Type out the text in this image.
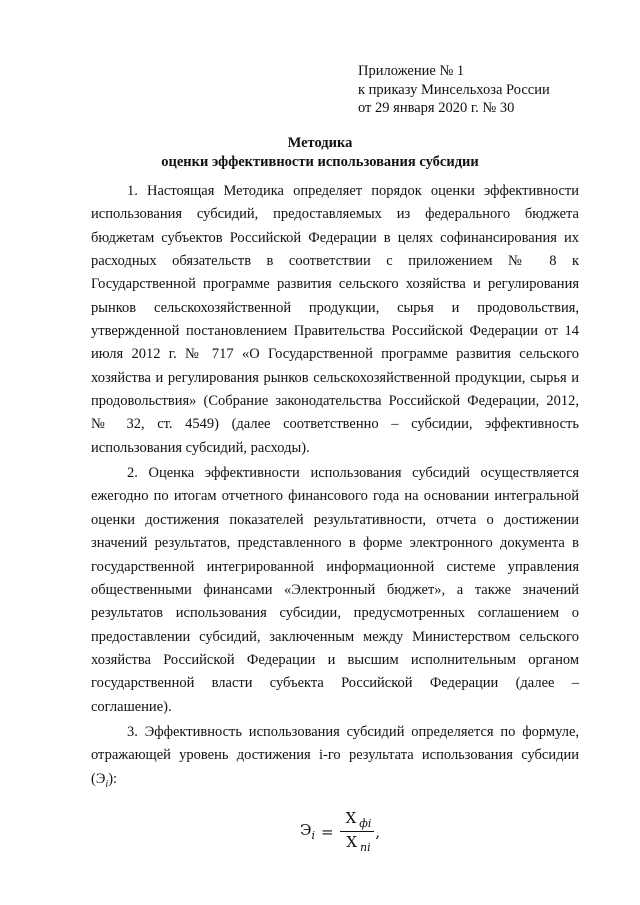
Приложение № 1
к приказу Минсельхоза России
от 29 января 2020 г. № 30
Методика
оценки эффективности использования субсидии

1. Настоящая Методика определяет порядок оценки эффективности использования субсидий, предоставляемых из федерального бюджета бюджетам субъектов Российской Федерации в целях софинансирования их расходных обязательств в соответствии с приложением № 8 к Государственной программе развития сельского хозяйства и регулирования рынков сельскохозяйственной продукции, сырья и продовольствия, утвержденной постановлением Правительства Российской Федерации от 14 июля 2012 г. № 717 «О Государственной программе развития сельского хозяйства и регулирования рынков сельскохозяйственной продукции, сырья и продовольствия» (Собрание законодательства Российской Федерации, 2012, № 32, ст. 4549) (далее соответственно – субсидии, эффективность использования субсидий, расходы).

2. Оценка эффективности использования субсидий осуществляется ежегодно по итогам отчетного финансового года на основании интегральной оценки достижения показателей результативности, отчета о достижении значений результатов, представленного в форме электронного документа в государственной интегрированной информационной системе управления общественными финансами «Электронный бюджет», а также значений результатов использования субсидии, предусмотренных соглашением о предоставлении субсидий, заключенным между Министерством сельского хозяйства Российской Федерации и высшим исполнительным органом государственной власти субъекта Российской Федерации (далее – соглашение).

3. Эффективность использования субсидий определяется по формуле, отражающей уровень достижения i-го результата использования субсидии $(Э_i)$:

$Э_i = \frac{Х _{фi}}{Х _{пi}}$ ,
